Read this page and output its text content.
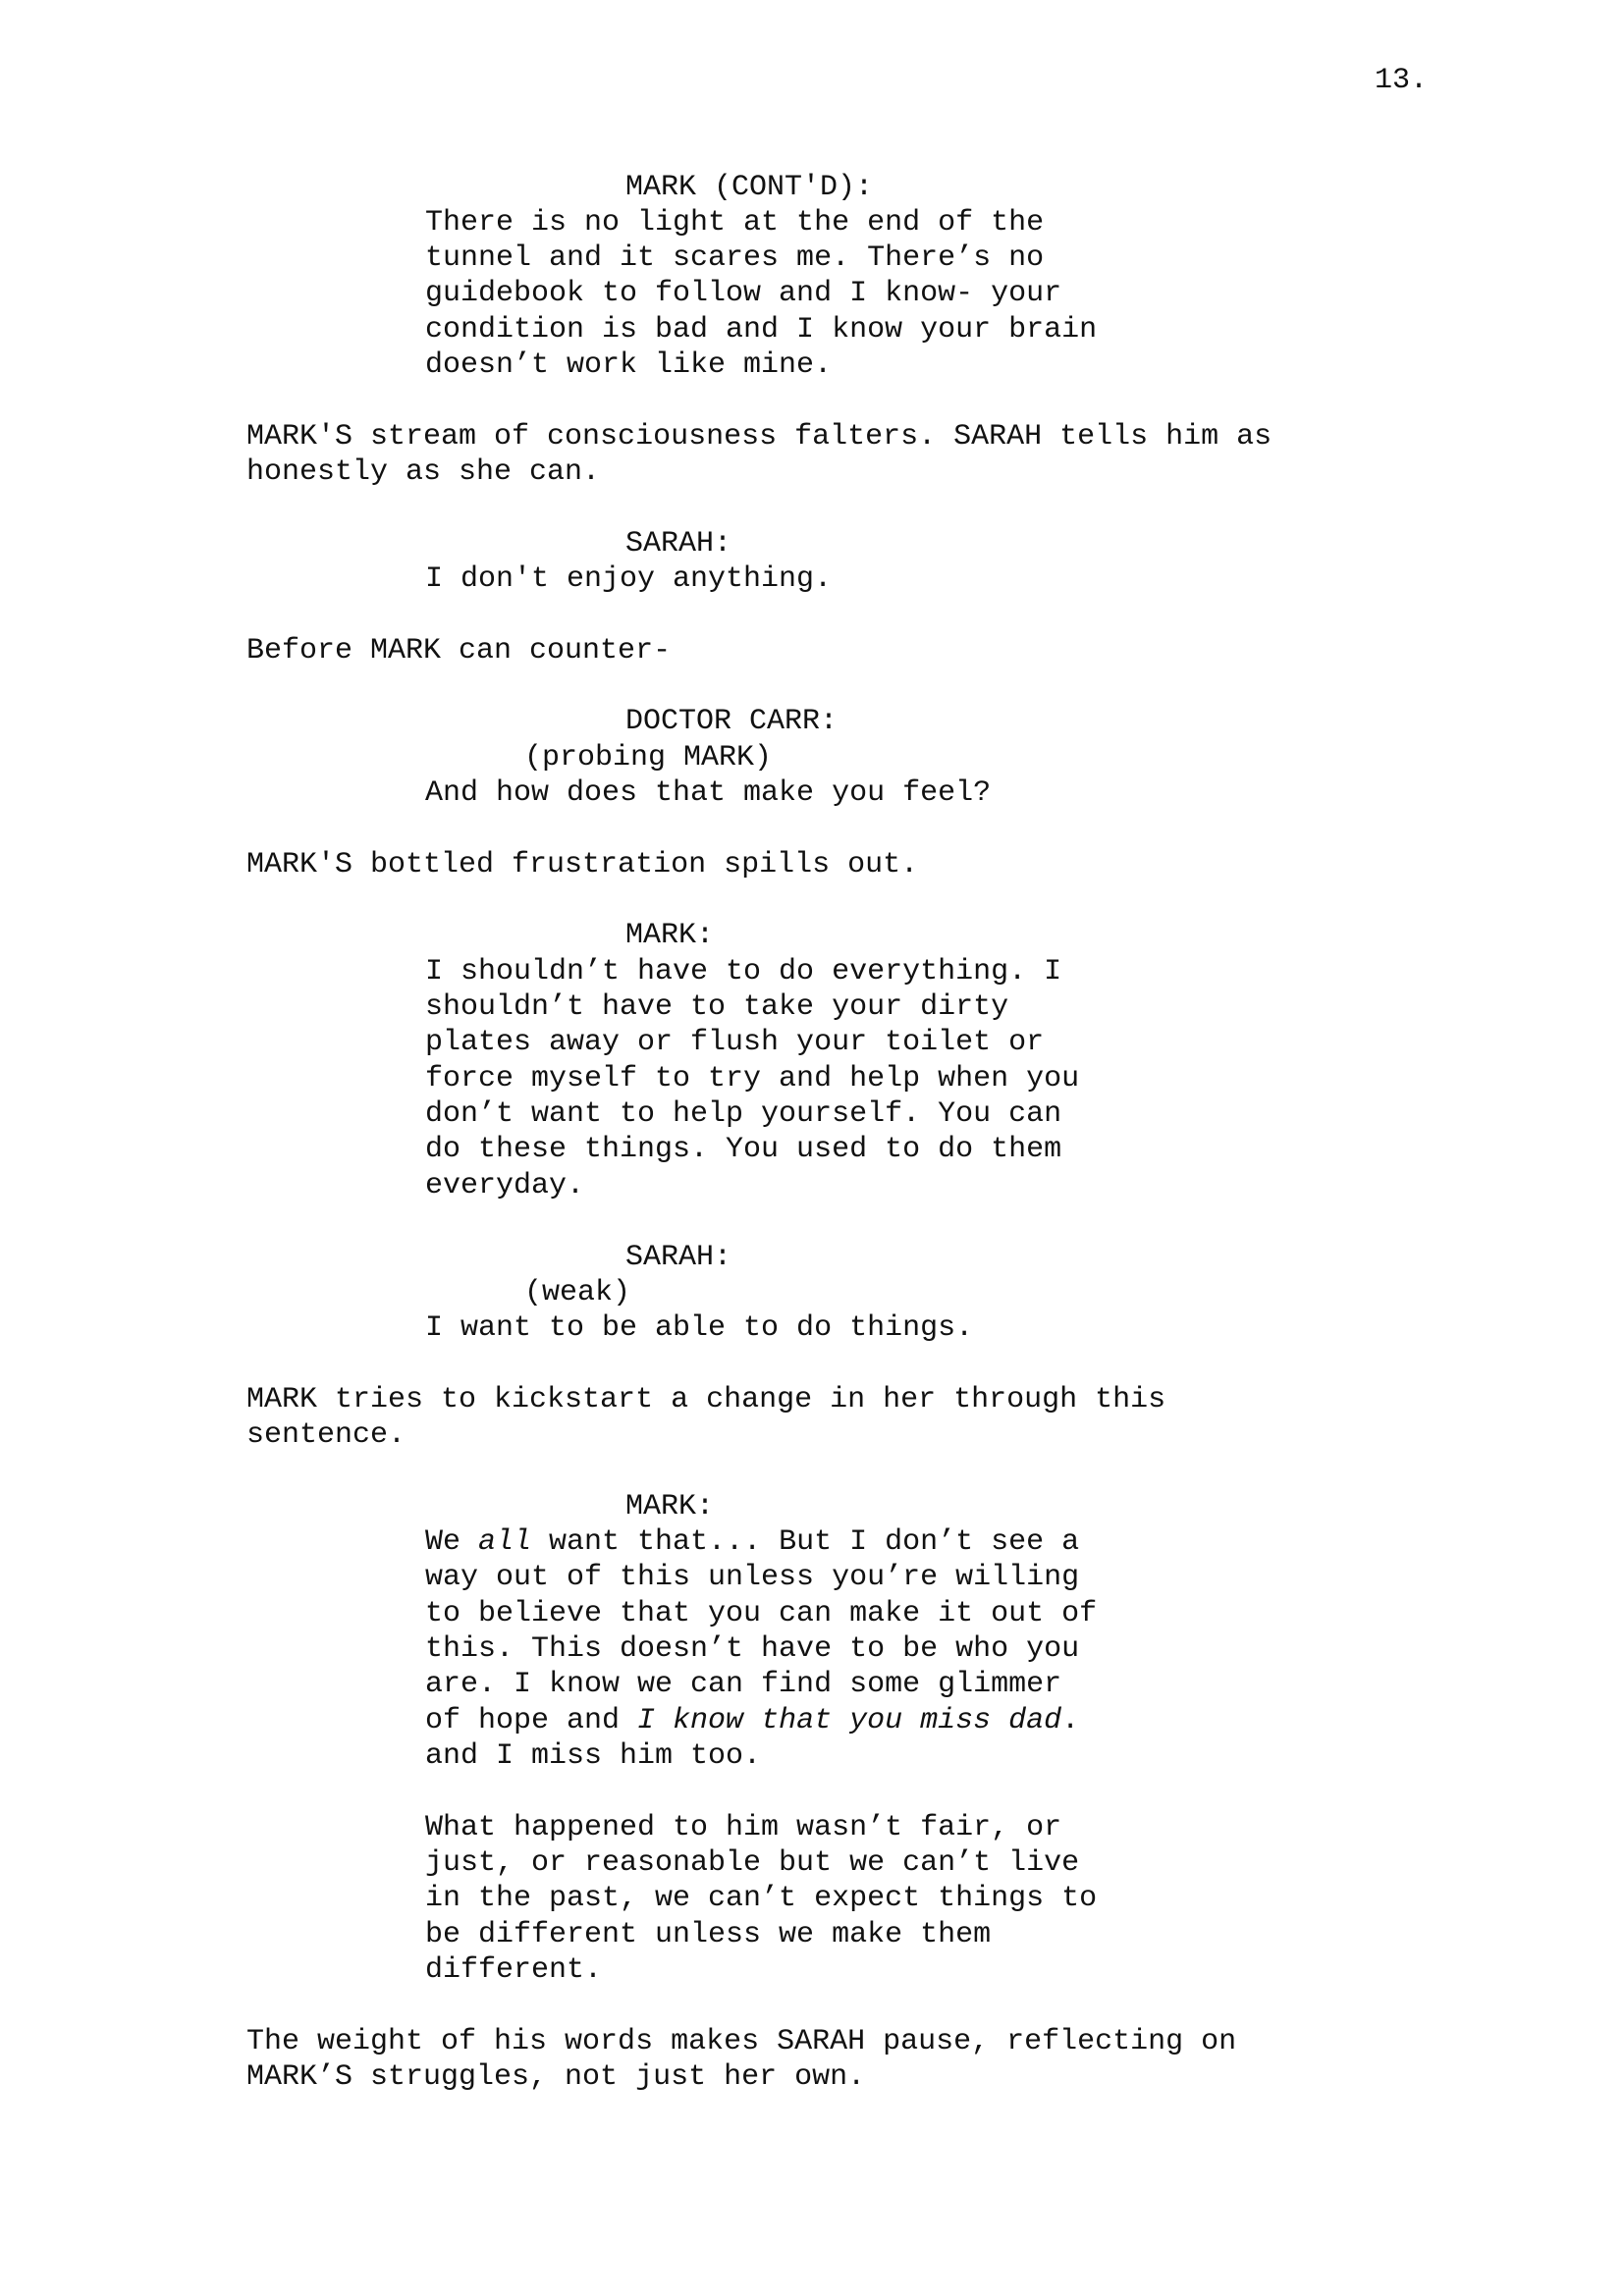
13.
MARK (CONT'D):
There is no light at the end of the
tunnel and it scares me. There’s no
guidebook to follow and I know- your
condition is bad and I know your brain
doesn’t work like mine.
MARK'S stream of consciousness falters. SARAH tells him as
honestly as she can.
SARAH:
I don't enjoy anything.
Before MARK can counter-
DOCTOR CARR:
(probing MARK)
And how does that make you feel?
MARK'S bottled frustration spills out.
MARK:
I shouldn’t have to do everything. I
shouldn’t have to take your dirty
plates away or flush your toilet or
force myself to try and help when you
don’t want to help yourself. You can
do these things. You used to do them
everyday.
SARAH:
(weak)
I want to be able to do things.
MARK tries to kickstart a change in her through this
sentence.
MARK:
We all want that... But I don’t see a
way out of this unless you’re willing
to believe that you can make it out of
this. This doesn’t have to be who you
are. I know we can find some glimmer
of hope and I know that you miss dad.
and I miss him too.
What happened to him wasn’t fair, or
just, or reasonable but we can’t live
in the past, we can’t expect things to
be different unless we make them
different.
The weight of his words makes SARAH pause, reflecting on
MARK’S struggles, not just her own.
